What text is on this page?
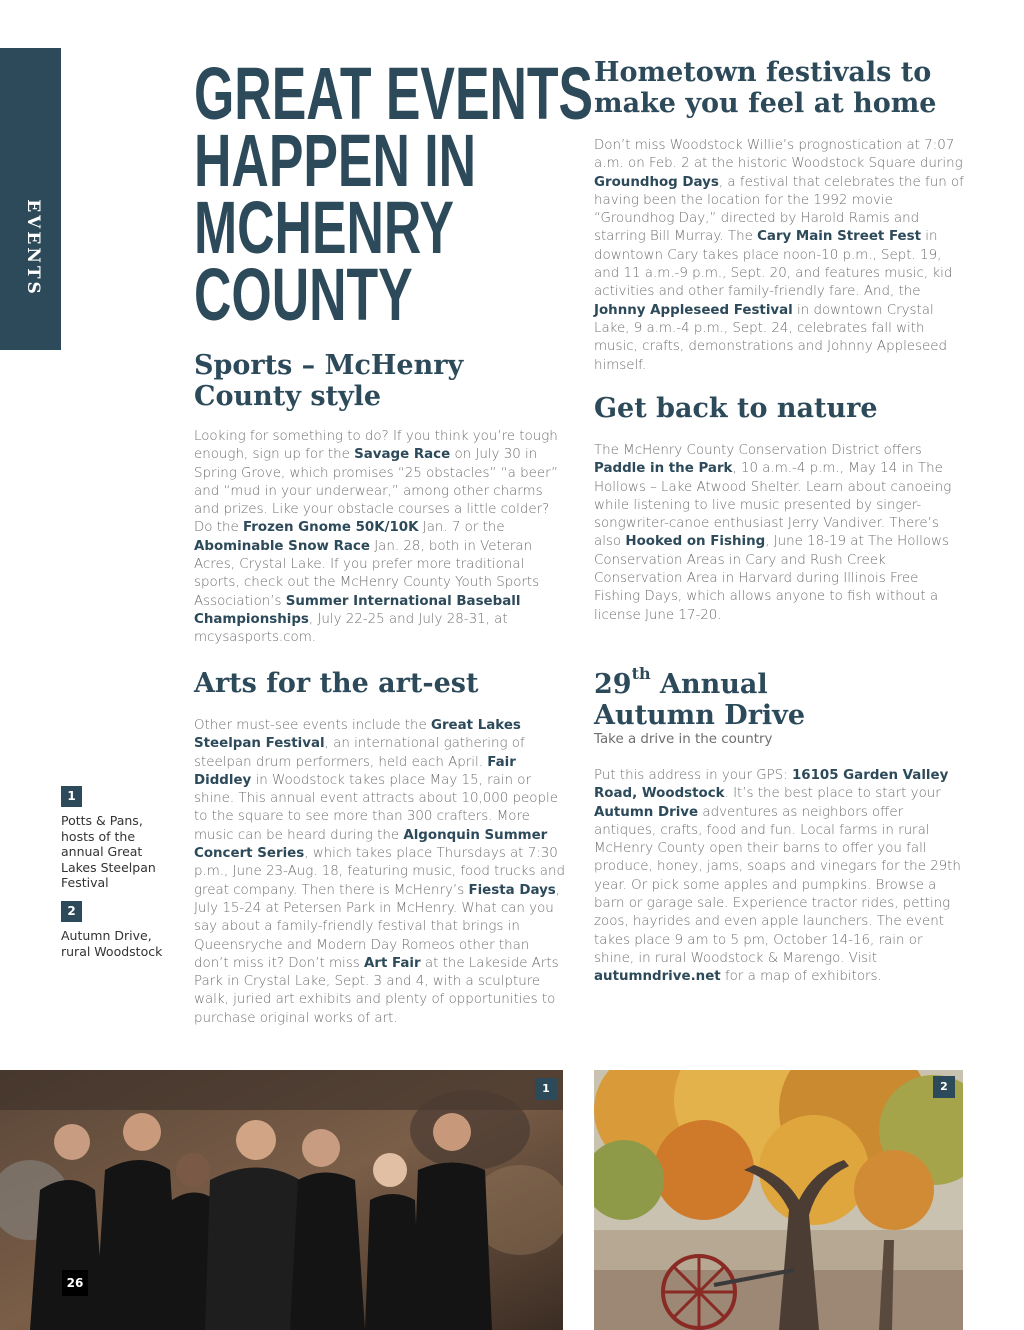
EVENTS
GREAT EVENTS
HAPPEN IN
MCHENRY
COUNTY
Sports – McHenry
County style

Looking for something to do? If you think you’re tough enough, sign up for the Savage Race on July 30 in Spring Grove, which promises “25 obstacles” “a beer” and “mud in your underwear,” among other charms and prizes. Like your obstacle courses a little colder? Do the Frozen Gnome 50K/10K Jan. 7 or the Abominable Snow Race Jan. 28, both in Veteran Acres, Crystal Lake. If you prefer more traditional sports, check out the McHenry County Youth Sports Association’s Summer International Baseball Championships, July 22-25 and July 28-31, at mcysasports.com.

Arts for the art-est

Other must-see events include the Great Lakes Steelpan Festival, an international gathering of steelpan drum performers, held each April. Fair Diddley in Woodstock takes place May 15, rain or shine. This annual event attracts about 10,000 people to the square to see more than 300 crafters. More music can be heard during the Algonquin Summer Concert Series, which takes place Thursdays at 7:30 p.m., June 23-Aug. 18, featuring music, food trucks and great company. Then there is McHenry’s Fiesta Days, July 15-24 at Petersen Park in McHenry. What can you say about a family-friendly festival that brings in Queensryche and Modern Day Romeos other than don’t miss it? Don’t miss Art Fair at the Lakeside Arts Park in Crystal Lake, Sept. 3 and 4, with a sculpture walk, juried art exhibits and plenty of opportunities to purchase original works of art.

Hometown festivals to
make you feel at home

Don’t miss Woodstock Willie’s prognostication at 7:07 a.m. on Feb. 2 at the historic Woodstock Square during Groundhog Days, a festival that celebrates the fun of having been the location for the 1992 movie “Groundhog Day,” directed by Harold Ramis and starring Bill Murray. The Cary Main Street Fest in downtown Cary takes place noon-10 p.m., Sept. 19, and 11 a.m.-9 p.m., Sept. 20, and features music, kid activities and other family-friendly fare. And, the Johnny Appleseed Festival in downtown Crystal Lake, 9 a.m.-4 p.m., Sept. 24, celebrates fall with music, crafts, demonstrations and Johnny Appleseed himself.

Get back to nature

The McHenry County Conservation District offers Paddle in the Park, 10 a.m.-4 p.m., May 14 in The Hollows – Lake Atwood Shelter. Learn about canoeing while listening to live music presented by singer-songwriter-canoe enthusiast Jerry Vandiver. There’s also Hooked on Fishing, June 18-19 at The Hollows Conservation Areas in Cary and Rush Creek Conservation Area in Harvard during Illinois Free Fishing Days, which allows anyone to fish without a license June 17-20.

29th Annual
Autumn Drive

Take a drive in the country

Put this address in your GPS: 16105 Garden Valley Road, Woodstock. It’s the best place to start your Autumn Drive adventures as neighbors offer antiques, crafts, food and fun. Local farms in rural McHenry County open their barns to offer you fall produce, honey, jams, soaps and vinegars for the 29th year. Or pick some apples and pumpkins. Browse a barn or garage sale. Experience tractor rides, petting zoos, hayrides and even apple launchers. The event takes place 9 am to 5 pm, October 14-16, rain or shine, in rural Woodstock & Marengo. Visit autumndrive.net for a map of exhibitors.

1
Potts & Pans, hosts of the annual Great Lakes Steelpan Festival
2
Autumn Drive, rural Woodstock
1	2
26
